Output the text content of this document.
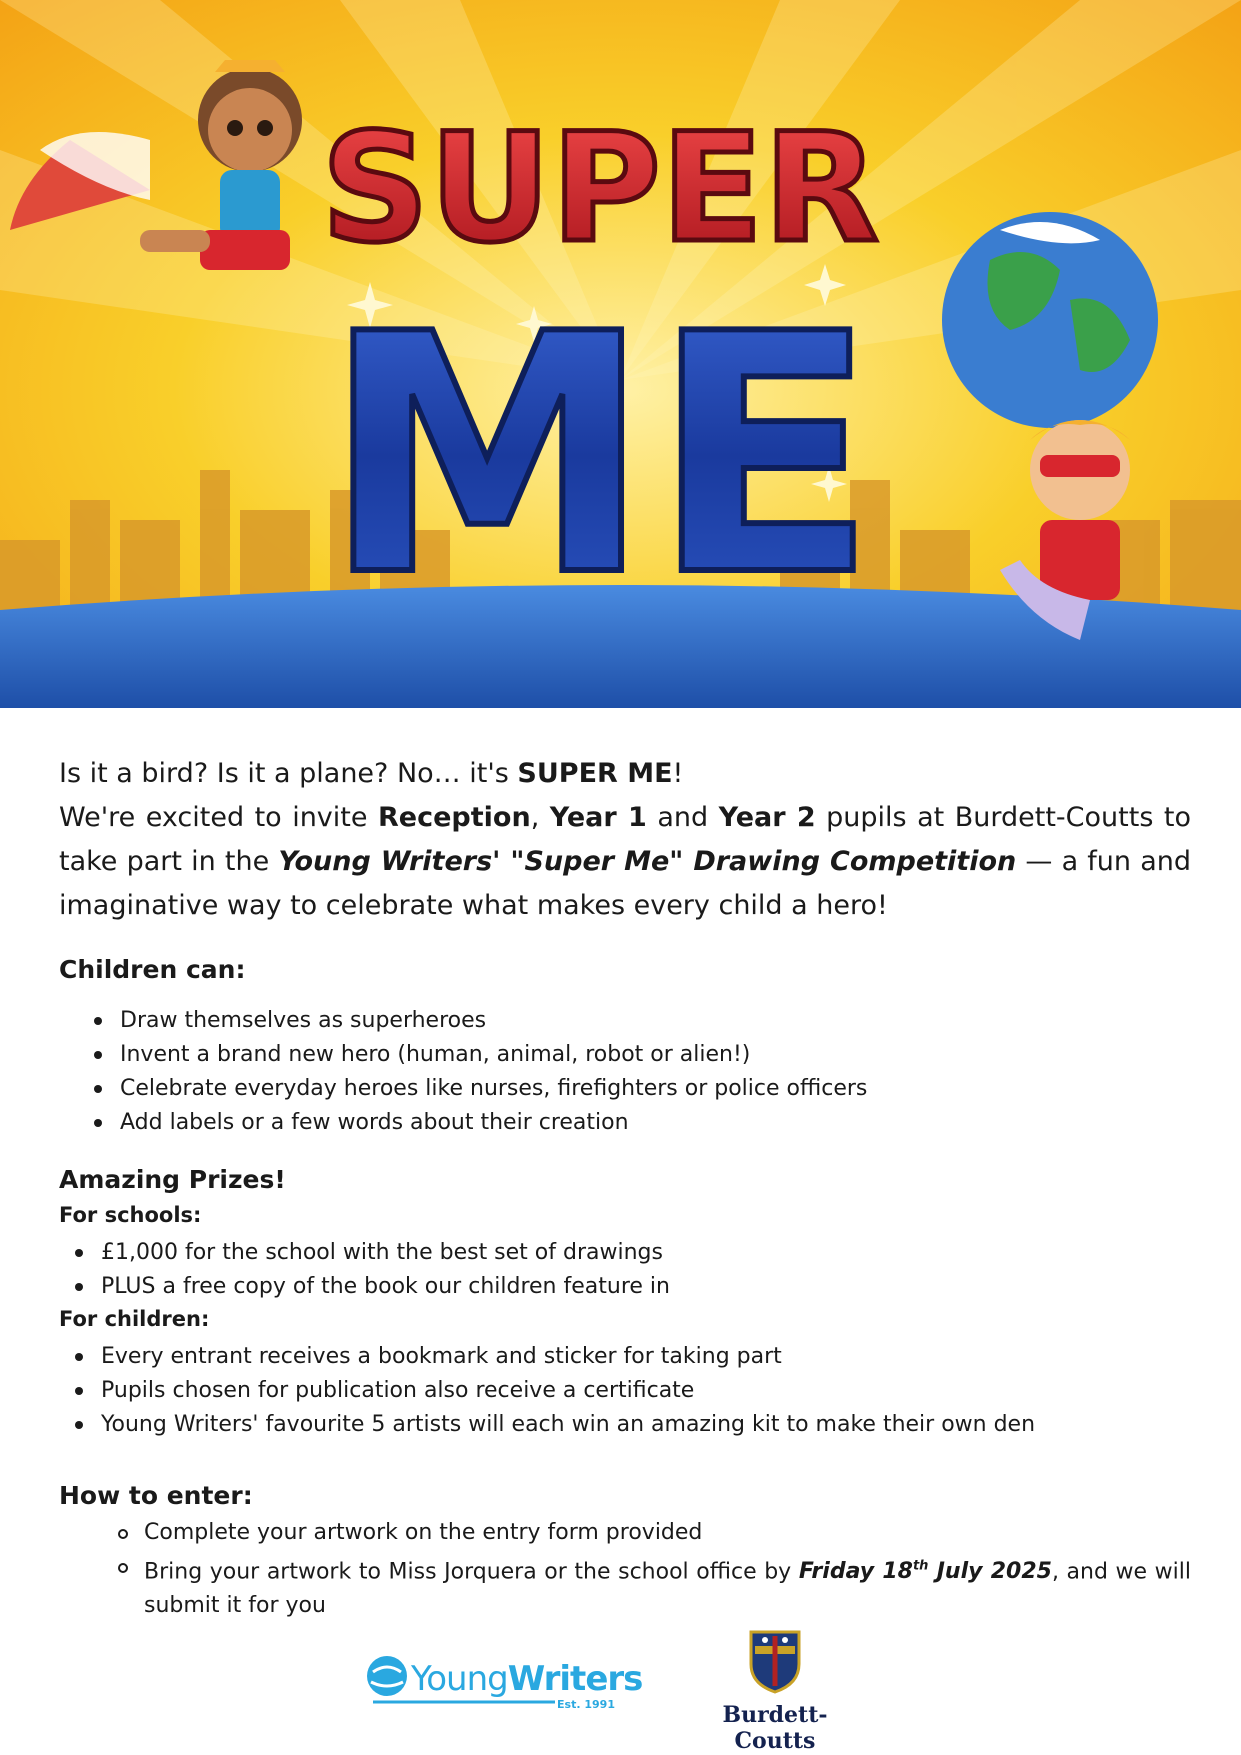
SUPER
ME

Is it a bird? Is it a plane? No… it's SUPER ME!

We're excited to invite Reception, Year 1 and Year 2 pupils at Burdett-Coutts to take part in the Young Writers' "Super Me" Drawing Competition — a fun and imaginative way to celebrate what makes every child a hero!

Children can:
Draw themselves as superheroes
Invent a brand new hero (human, animal, robot or alien!)
Celebrate everyday heroes like nurses, firefighters or police officers
Add labels or a few words about their creation
Amazing Prizes!
For schools:
£1,000 for the school with the best set of drawings
PLUS a free copy of the book our children feature in
For children:
Every entrant receives a bookmark and sticker for taking part
Pupils chosen for publication also receive a certificate
Young Writers' favourite 5 artists will each win an amazing kit to make their own den
How to enter:
Complete your artwork on the entry form provided
Bring your artwork to Miss Jorquera or the school office by Friday 18th July 2025, and we will submit it for you
YoungWriters
Est. 1991	Burdett-Coutts
